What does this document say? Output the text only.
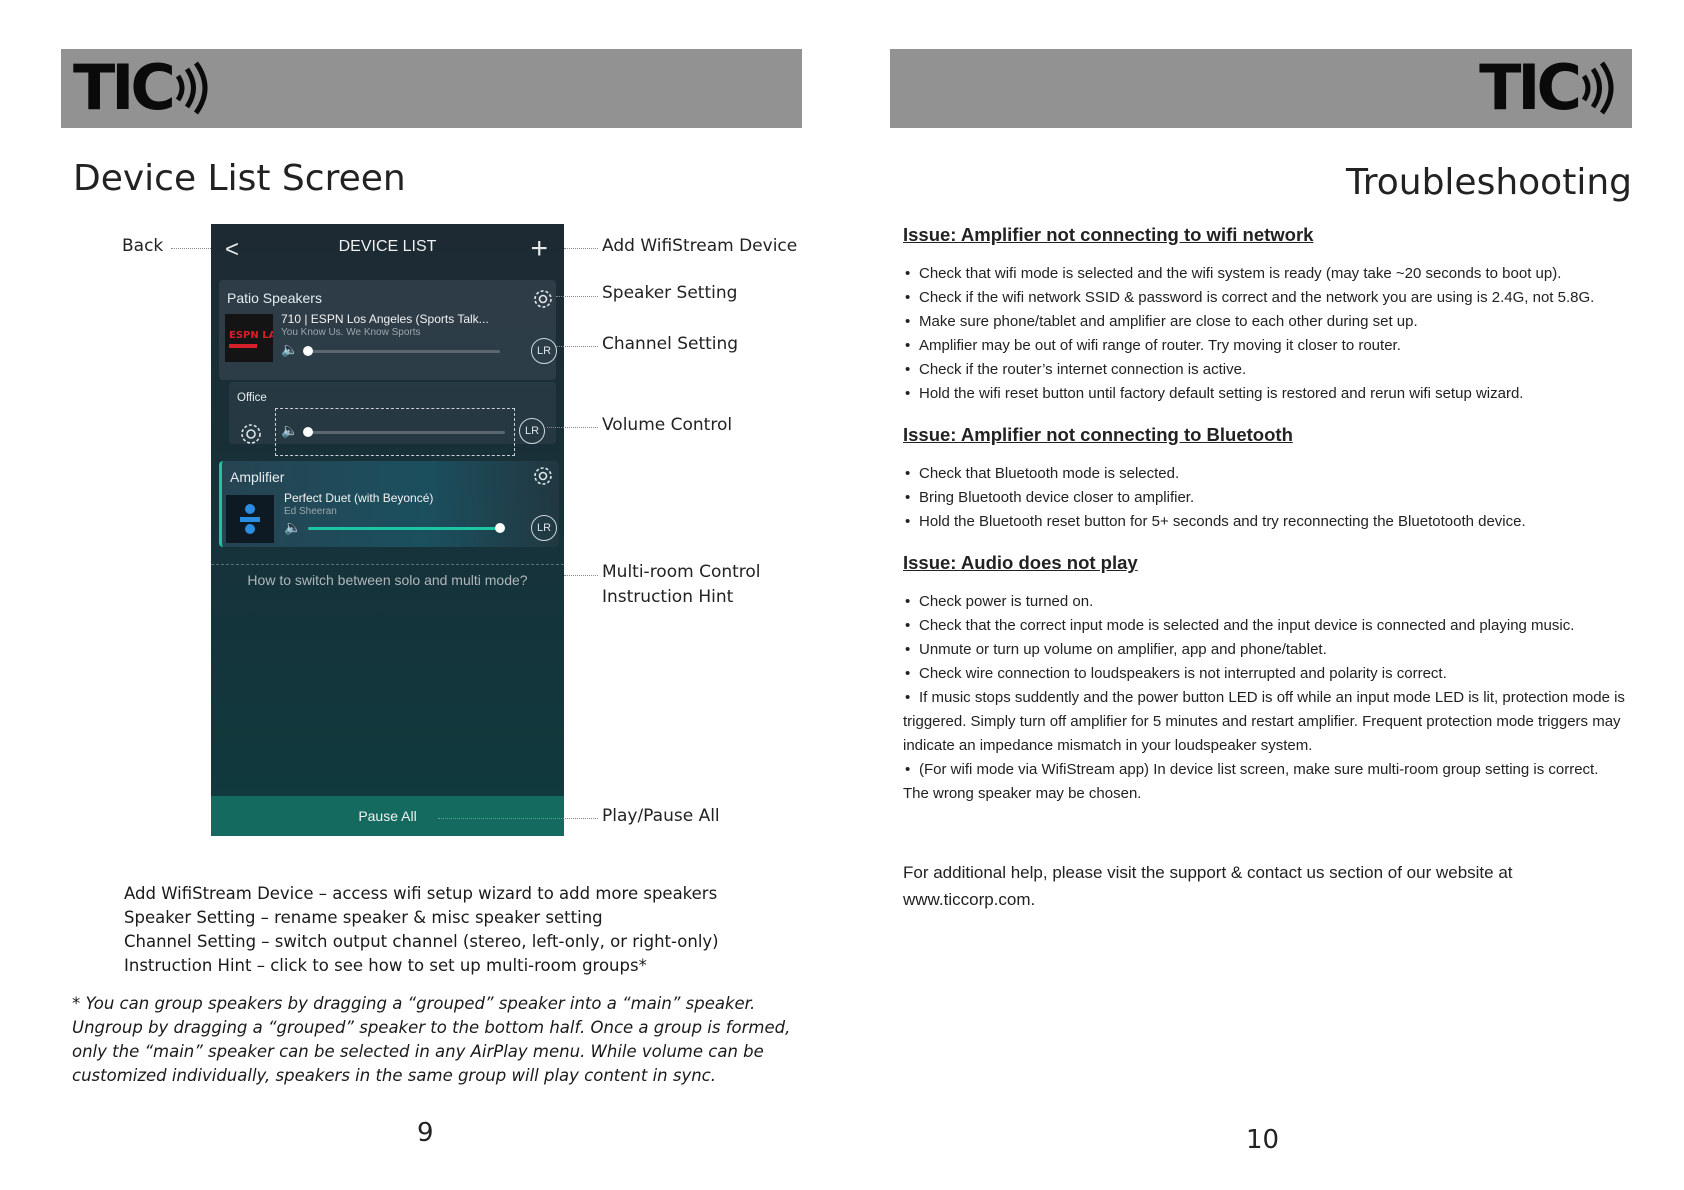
TIC
Device List Screen
<	DEVICE LIST	+
Patio Speakers
ESPN LA
710 | ESPN Los Angeles (Sports Talk...
You Know Us. We Know Sports
🔈	LR
Office
🔈	LR
Amplifier
Perfect Duet (with Beyoncé)
Ed Sheeran
🔈	LR
How to switch between solo and multi mode?
Pause All
Back	Add WifiStream Device
Speaker Setting
Channel Setting
Volume Control
Multi-room Control
Instruction Hint
Play/Pause All
Add WifiStream Device – access wifi setup wizard to add more speakers
Speaker Setting – rename speaker & misc speaker setting
Channel Setting – switch output channel (stereo, left-only, or right-only)
Instruction Hint – click to see how to set up multi-room groups*
* You can group speakers by dragging a “grouped” speaker into a “main” speaker.
Ungroup by dragging a “grouped” speaker to the bottom half. Once a group is formed,
only the “main” speaker can be selected in any AirPlay menu. While volume can be
customized individually, speakers in the same group will play content in sync.
9
TIC
Troubleshooting
Issue: Amplifier not connecting to wifi network
• Check that wifi mode is selected and the wifi system is ready (may take ~20 seconds to boot up).
• Check if the wifi network SSID & password is correct and the network you are using is 2.4G, not 5.8G.
• Make sure phone/tablet and amplifier are close to each other during set up.
• Amplifier may be out of wifi range of router. Try moving it closer to router.
• Check if the router’s internet connection is active.
• Hold the wifi reset button until factory default setting is restored and rerun wifi setup wizard.
Issue: Amplifier not connecting to Bluetooth
• Check that Bluetooth mode is selected.
• Bring Bluetooth device closer to amplifier.
• Hold the Bluetooth reset button for 5+ seconds and try reconnecting the Bluetotooth device.
Issue: Audio does not play
• Check power is turned on.
• Check that the correct input mode is selected and the input device is connected and playing music.
• Unmute or turn up volume on amplifier, app and phone/tablet.
• Check wire connection to loudspeakers is not interrupted and polarity is correct.
• If music stops suddently and the power button LED is off while an input mode LED is lit, protection mode is triggered. Simply turn off amplifier for 5 minutes and restart amplifier. Frequent protection mode triggers may indicate an impedance mismatch in your loudspeaker system.
• (For wifi mode via WifiStream app) In device list screen, make sure multi-room group setting is correct. The wrong speaker may be chosen.
For additional help, please visit the support & contact us section of our website at
www.ticcorp.com.
10
